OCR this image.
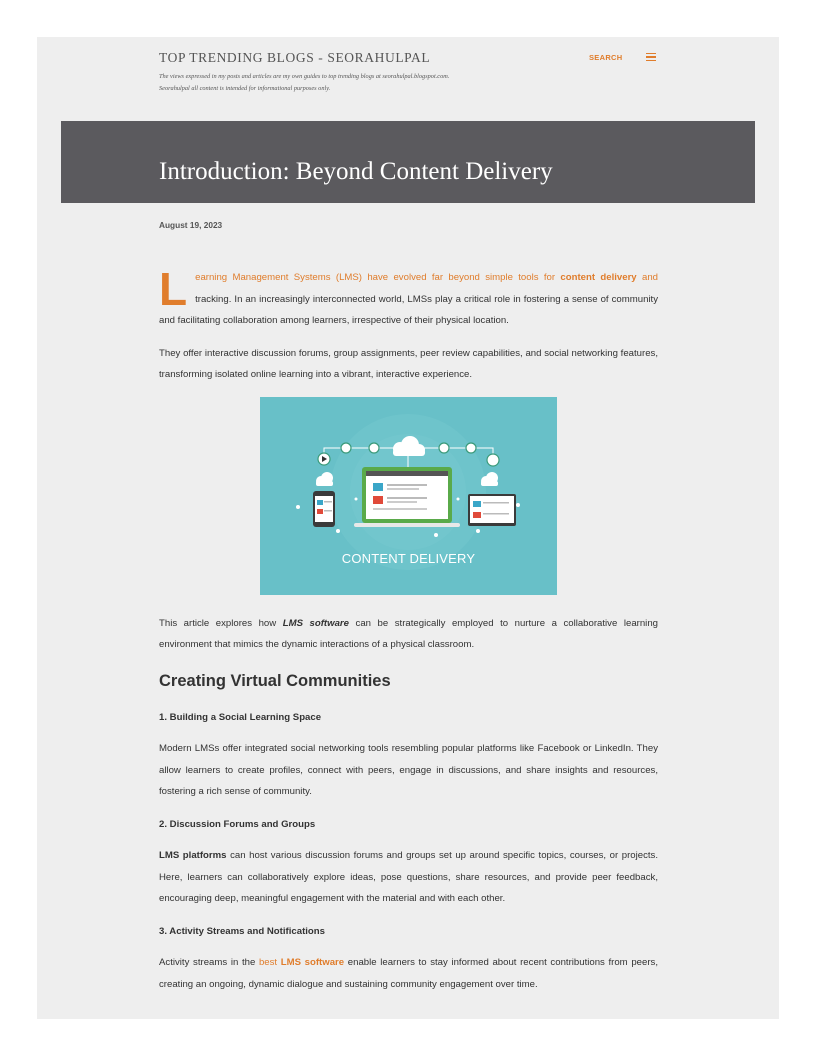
TOP TRENDING BLOGS - SEORAHULPAL	SEARCH
The views expressed in my posts and articles are my own guides to top trending blogs at seorahulpal.blogspot.com.
Seorahulpal all content is intended for informational purposes only.
Introduction: Beyond Content Delivery
August 19, 2023

Learning Management Systems (LMS) have evolved far beyond simple tools for content delivery and tracking. In an increasingly interconnected world, LMSs play a critical role in fostering a sense of community and facilitating collaboration among learners, irrespective of their physical location.

They offer interactive discussion forums, group assignments, peer review capabilities, and social networking features, transforming isolated online learning into a vibrant, interactive experience.

CONTENT DELIVERY

This article explores how LMS software can be strategically employed to nurture a collaborative learning environment that mimics the dynamic interactions of a physical classroom.

Creating Virtual Communities
1. Building a Social Learning Space

Modern LMSs offer integrated social networking tools resembling popular platforms like Facebook or LinkedIn. They allow learners to create profiles, connect with peers, engage in discussions, and share insights and resources, fostering a rich sense of community.

2. Discussion Forums and Groups

LMS platforms can host various discussion forums and groups set up around specific topics, courses, or projects. Here, learners can collaboratively explore ideas, pose questions, share resources, and provide peer feedback, encouraging deep, meaningful engagement with the material and with each other.

3. Activity Streams and Notifications

Activity streams in the best LMS software enable learners to stay informed about recent contributions from peers, creating an ongoing, dynamic dialogue and sustaining community engagement over time.
